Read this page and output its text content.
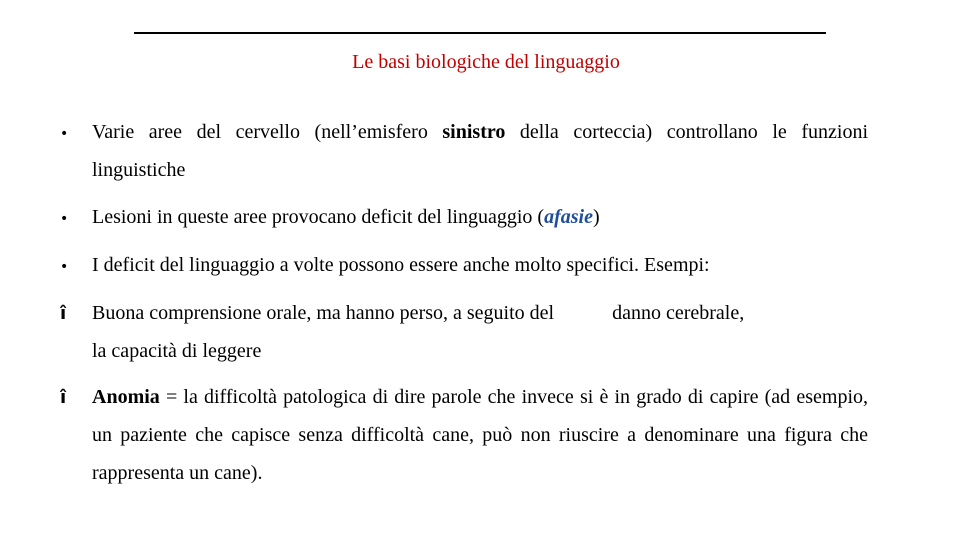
Le basi biologiche del linguaggio
•	Varie aree del cervello (nell’emisfero sinistro della corteccia) controllano le funzioni linguistiche
•	Lesioni in queste aree provocano deficit del linguaggio (afasie)
•	I deficit del linguaggio a volte possono essere anche molto specifici. Esempi:
î	Buona comprensione orale, ma hanno perso, a seguito del	danno cerebrale,
la capacità di leggere
î	Anomia = la difficoltà patologica di dire parole che invece si è in grado di capire (ad esempio, un paziente che capisce senza difficoltà cane, può non riuscire a denominare una figura che rappresenta un cane).
